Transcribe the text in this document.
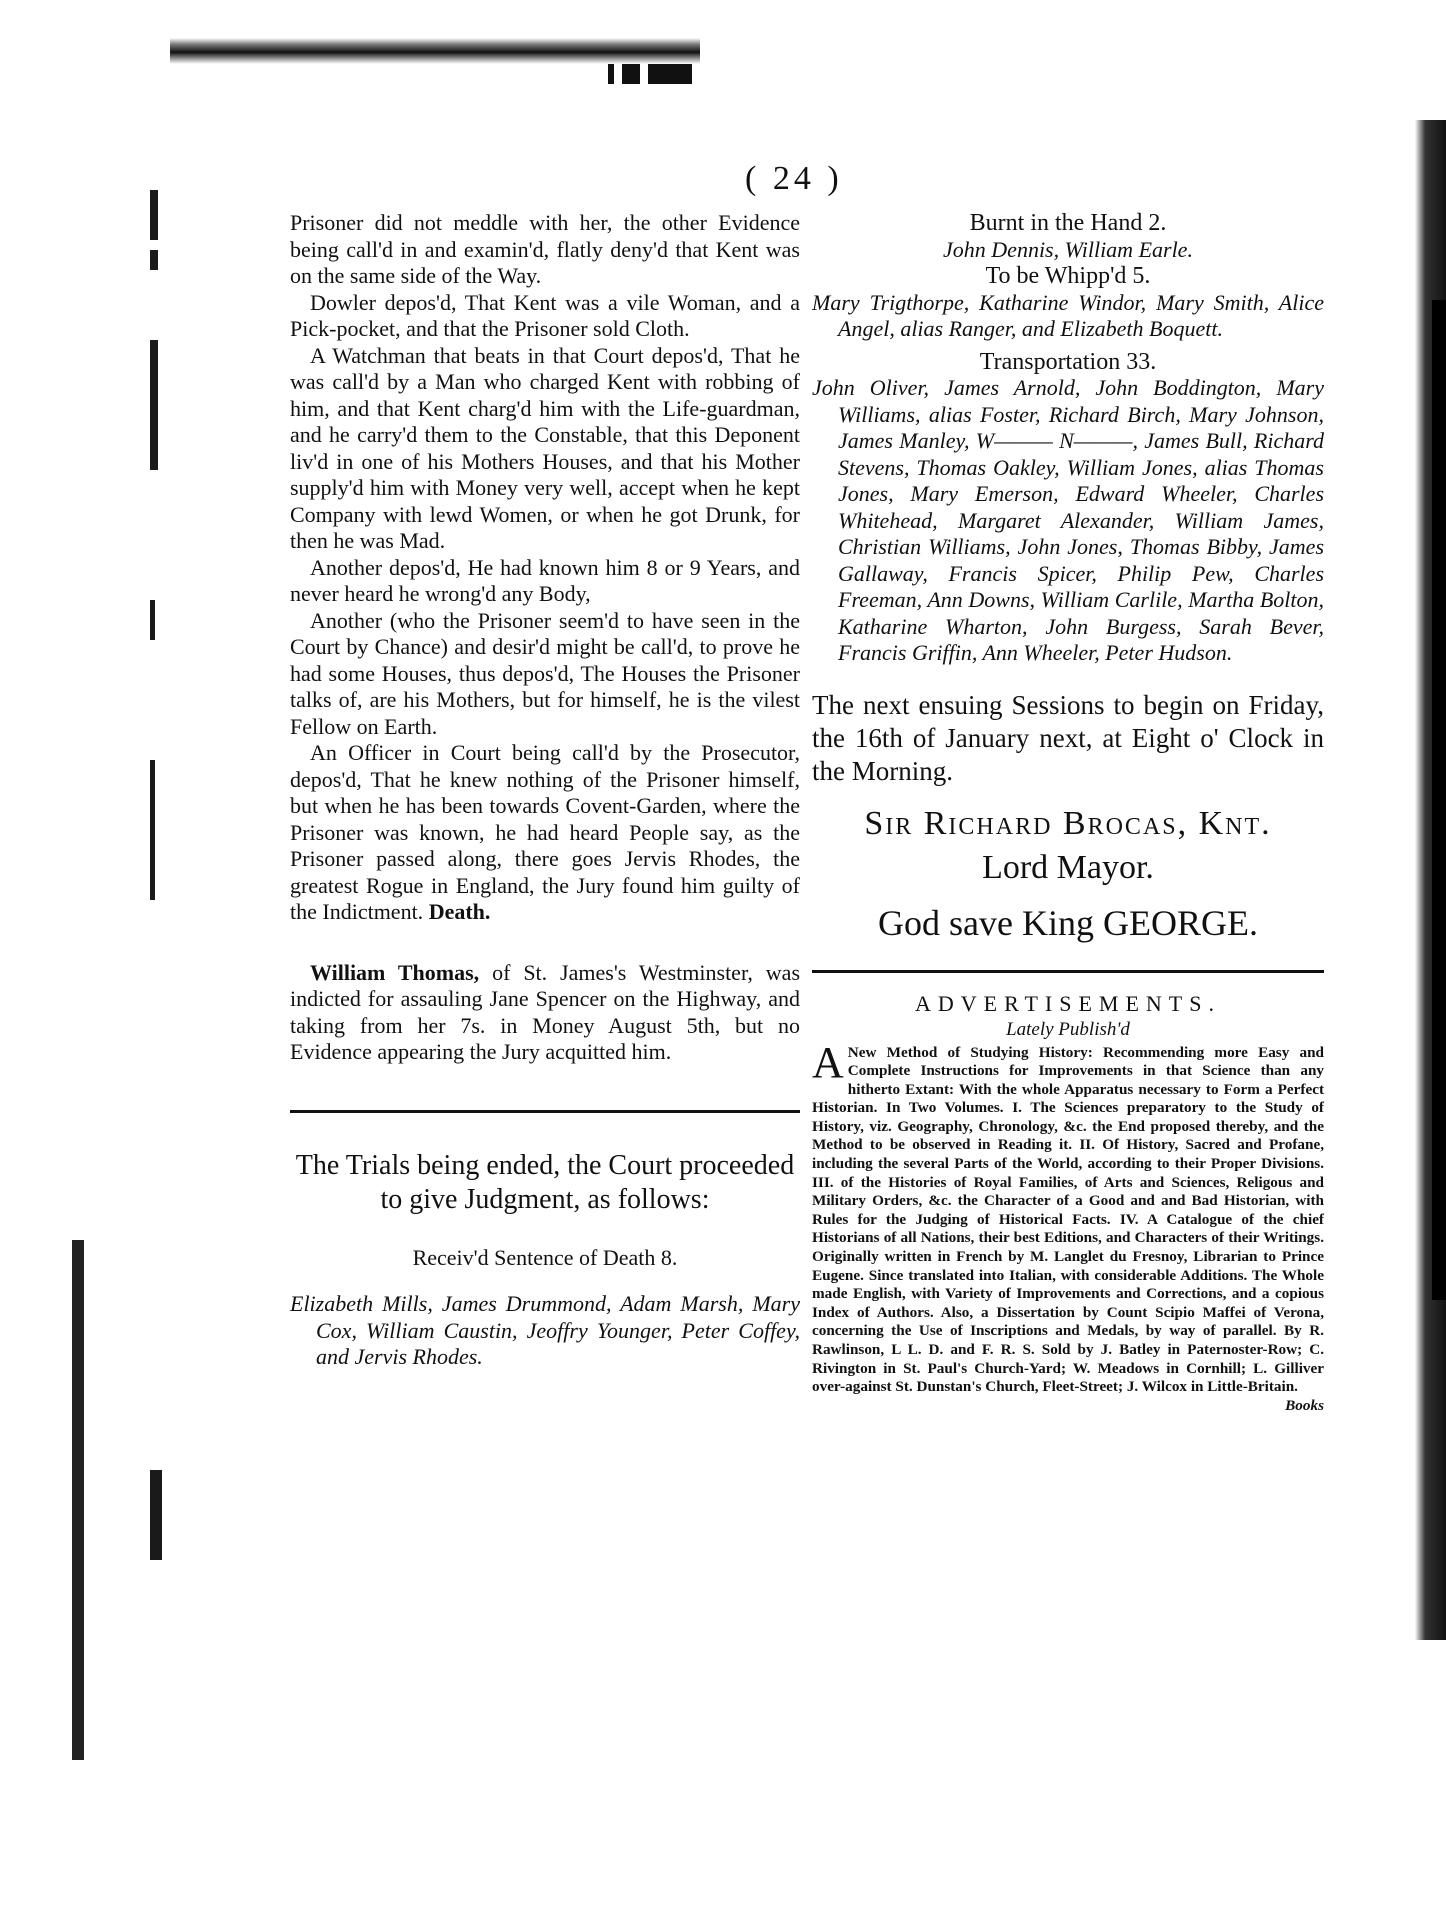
( 24 )

Prisoner did not meddle with her, the other Evidence being call'd in and examin'd, flatly deny'd that Kent was on the same side of the Way.

Dowler depos'd, That Kent was a vile Woman, and a Pick-pocket, and that the Prisoner sold Cloth.

A Watchman that beats in that Court depos'd, That he was call'd by a Man who charged Kent with robbing of him, and that Kent charg'd him with the Life-guardman, and he carry'd them to the Constable, that this Deponent liv'd in one of his Mothers Houses, and that his Mother supply'd him with Money very well, accept when he kept Company with lewd Women, or when he got Drunk, for then he was Mad.

Another depos'd, He had known him 8 or 9 Years, and never heard he wrong'd any Body,

Another (who the Prisoner seem'd to have seen in the Court by Chance) and desir'd might be call'd, to prove he had some Houses, thus depos'd, The Houses the Prisoner talks of, are his Mothers, but for himself, he is the vilest Fellow on Earth.

An Officer in Court being call'd by the Prosecutor, depos'd, That he knew nothing of the Prisoner himself, but when he has been towards Covent-Garden, where the Prisoner was known, he had heard People say, as the Prisoner passed along, there goes Jervis Rhodes, the greatest Rogue in England, the Jury found him guilty of the Indictment. Death.

William Thomas, of St. James's Westminster, was indicted for assauling Jane Spencer on the Highway, and taking from her 7s. in Money August 5th, but no Evidence appearing the Jury acquitted him.

The Trials being ended, the Court proceeded to give Judgment, as follows:

Receiv'd Sentence of Death 8.

Elizabeth Mills, James Drummond, Adam Marsh, Mary Cox, William Caustin, Jeoffry Younger, Peter Coffey, and Jervis Rhodes.

Burnt in the Hand 2.

John Dennis, William Earle.

To be Whipp'd 5.

Mary Trigthorpe, Katharine Windor, Mary Smith, Alice Angel, alias Ranger, and Elizabeth Boquett.

Transportation 33.

John Oliver, James Arnold, John Boddington, Mary Williams, alias Foster, Richard Birch, Mary Johnson, James Manley, W——— N———, James Bull, Richard Stevens, Thomas Oakley, William Jones, alias Thomas Jones, Mary Emerson, Edward Wheeler, Charles Whitehead, Margaret Alexander, William James, Christian Williams, John Jones, Thomas Bibby, James Gallaway, Francis Spicer, Philip Pew, Charles Freeman, Ann Downs, William Carlile, Martha Bolton, Katharine Wharton, John Burgess, Sarah Bever, Francis Griffin, Ann Wheeler, Peter Hudson.

The next ensuing Sessions to begin on Friday, the 16th of January next, at Eight o' Clock in the Morning.

Sir Richard Brocas, Knt.

Lord Mayor.

God save King GEORGE.

ADVERTISEMENTS.

Lately Publish'd

A New Method of Studying History: Recommending more Easy and Complete Instructions for Improvements in that Science than any hitherto Extant: With the whole Apparatus necessary to Form a Perfect Historian. In Two Volumes. I. The Sciences preparatory to the Study of History, viz. Geography, Chronology, &c. the End proposed thereby, and the Method to be observed in Reading it. II. Of History, Sacred and Profane, including the several Parts of the World, according to their Proper Divisions. III. of the Histories of Royal Families, of Arts and Sciences, Religous and Military Orders, &c. the Character of a Good and and Bad Historian, with Rules for the Judging of Historical Facts. IV. A Catalogue of the chief Historians of all Nations, their best Editions, and Characters of their Writings. Originally written in French by M. Langlet du Fresnoy, Librarian to Prince Eugene. Since translated into Italian, with considerable Additions. The Whole made English, with Variety of Improvements and Corrections, and a copious Index of Authors. Also, a Dissertation by Count Scipio Maffei of Verona, concerning the Use of Inscriptions and Medals, by way of parallel. By R. Rawlinson, L L. D. and F. R. S. Sold by J. Batley in Paternoster-Row; C. Rivington in St. Paul's Church-Yard; W. Meadows in Cornhill; L. Gilliver over-against St. Dunstan's Church, Fleet-Street; J. Wilcox in Little-Britain.
Books
